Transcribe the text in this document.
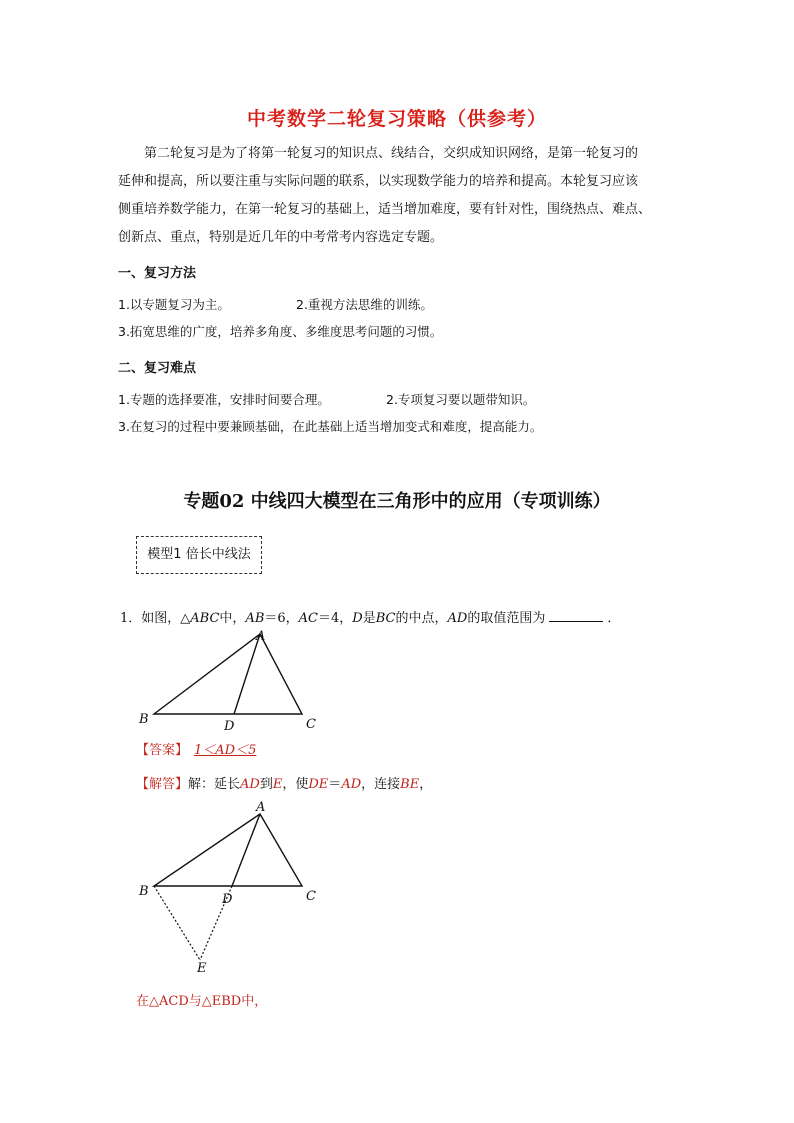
中考数学二轮复习策略（供参考）
第二轮复习是为了将第一轮复习的知识点、线结合，交织成知识网络，是第一轮复习的
延伸和提高，所以要注重与实际问题的联系，以实现数学能力的培养和提高。本轮复习应该
侧重培养数学能力，在第一轮复习的基础上，适当增加难度，要有针对性，围绕热点、难点、
创新点、重点，特别是近几年的中考常考内容选定专题。
一、复习方法
1.以专题复习为主。	2.重视方法思维的训练。
3.拓宽思维的广度，培养多角度、多维度思考问题的习惯。
二、复习难点
1.专题的选择要准，安排时间要合理。	2.专项复习要以题带知识。
3.在复习的过程中要兼顾基础，在此基础上适当增加变式和难度，提高能力。
专题02 中线四大模型在三角形中的应用（专项训练）
模型1 倍长中线法
1．如图，△ABC中，AB＝6，AC＝4，D是BC的中点，AD的取值范围为	．
A
B	C
D
【答案】 1＜AD＜5
【解答】解：延长AD到E，使DE＝AD，连接BE，
A
B	C
D
E
在△ACD与△EBD中，
